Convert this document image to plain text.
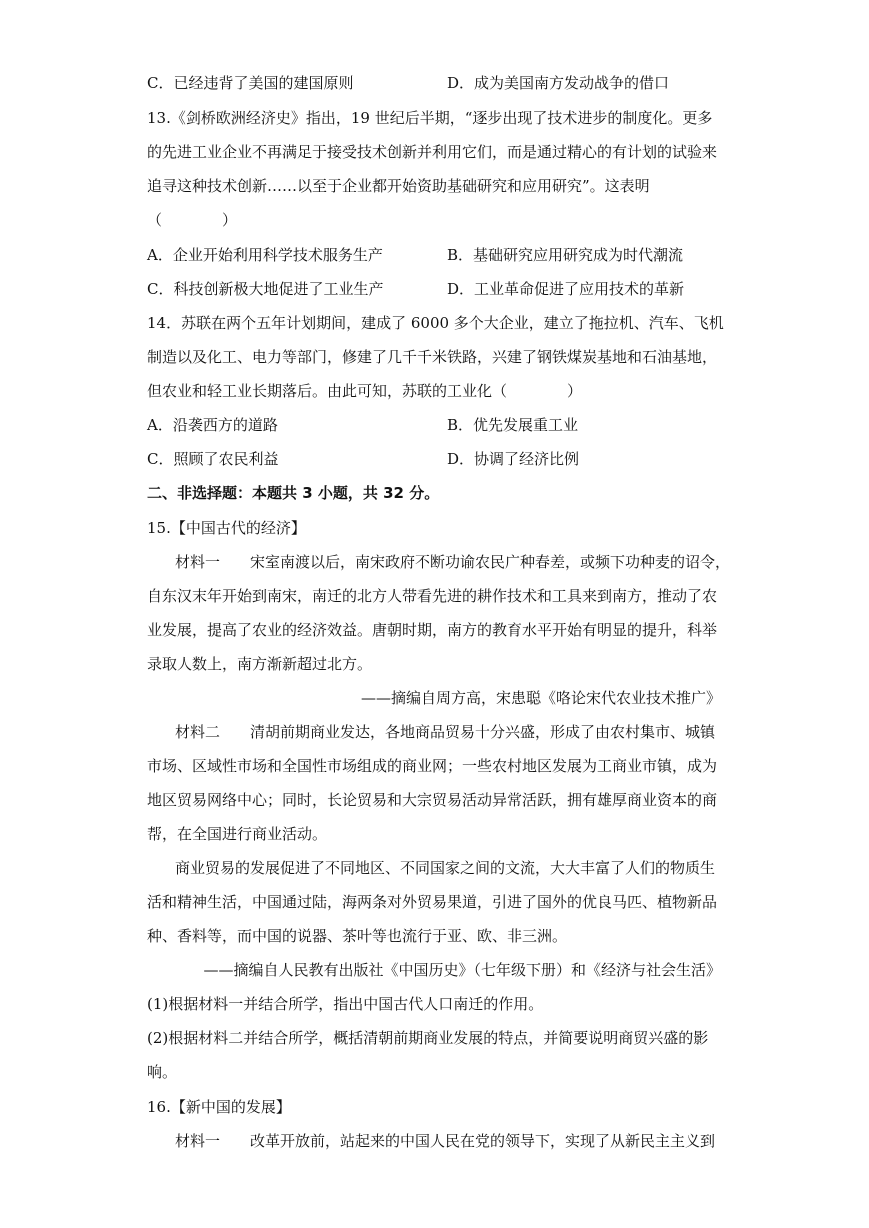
C．已经违背了美国的建国原则	D．成为美国南方发动战争的借口
13.《剑桥欧洲经济史》指出，19 世纪后半期，“逐步出现了技术进步的制度化。更多
的先进工业企业不再满足于接受技术创新并利用它们，而是通过精心的有计划的试验来
追寻这种技术创新……以至于企业都开始资助基础研究和应用研究”。这表明
（　　　　）
A．企业开始利用科学技术服务生产	B．基础研究应用研究成为时代潮流
C．科技创新极大地促进了工业生产	D．工业革命促进了应用技术的革新
14．苏联在两个五年计划期间，建成了 6000 多个大企业，建立了拖拉机、汽车、飞机
制造以及化工、电力等部门，修建了几千千米铁路，兴建了钢铁煤炭基地和石油基地，
但农业和轻工业长期落后。由此可知，苏联的工业化（　　　　）
A．沿袭西方的道路	B．优先发展重工业
C．照顾了农民利益	D．协调了经济比例
二、非选择题：本题共 3 小题，共 32 分。
15.【中国古代的经济】
材料一　　宋室南渡以后，南宋政府不断功谕农民广种春差，或频下功种麦的诏令，
自东汉末年开始到南宋，南迁的北方人带看先进的耕作技术和工具来到南方，推动了农
业发展，提高了农业的经济效益。唐朝时期，南方的教育水平开始有明显的提升，科举
录取人数上，南方渐新超过北方。
——摘编自周方高，宋患聪《咯论宋代农业技术推广》
材料二　　清胡前期商业发达，各地商品贸易十分兴盛，形成了由农村集市、城镇
市场、区域性市场和全国性市场组成的商业网；一些农村地区发展为工商业市镇，成为
地区贸易网络中心；同时，长论贸易和大宗贸易活动异常活跃，拥有雄厚商业资本的商
帮，在全国进行商业活动。
商业贸易的发展促进了不同地区、不同国家之间的文流，大大丰富了人们的物质生
活和精神生活，中国通过陆，海两条对外贸易果道，引进了国外的优良马匹、植物新品
种、香料等，而中国的说器、茶叶等也流行于亚、欧、非三洲。
——摘编自人民教有出版社《中国历史》（七年级下册）和《经济与社会生活》
(1)根据材料一并结合所学，指出中国古代人口南迁的作用。
(2)根据材料二并结合所学，概括清朝前期商业发展的特点，并简要说明商贸兴盛的影
响。
16.【新中国的发展】
材料一　　改革开放前，站起来的中国人民在党的领导下，实现了从新民主主义到
